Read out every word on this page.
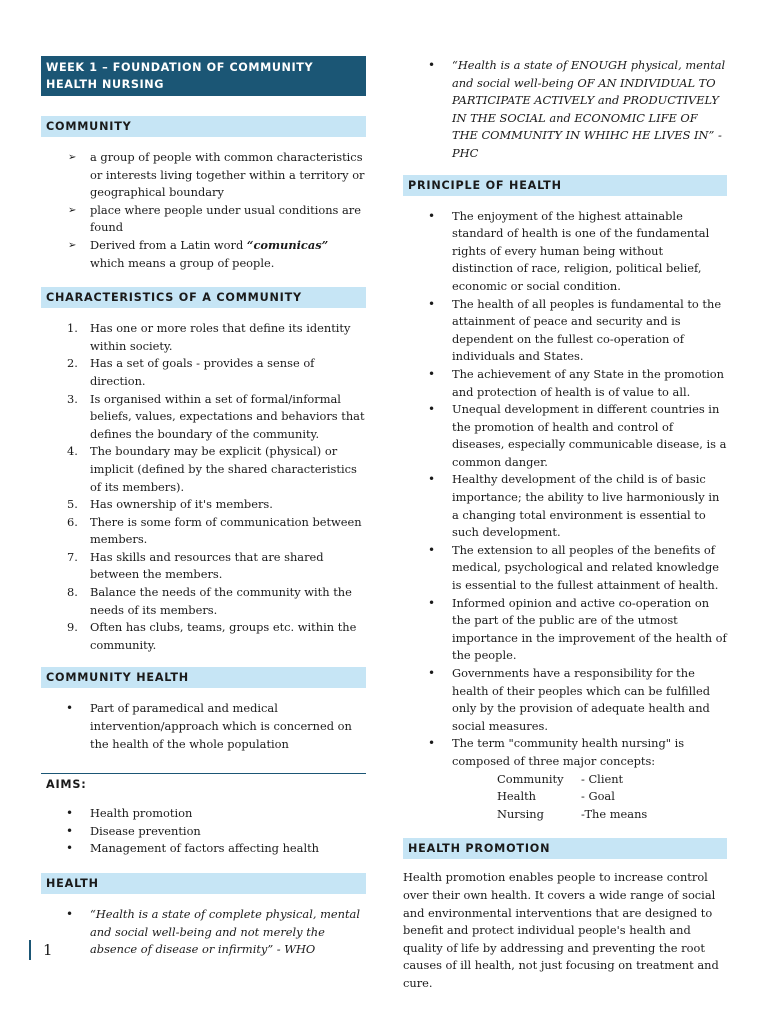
WEEK 1 – FOUNDATION OF COMMUNITY HEALTH NURSING
COMMUNITY
➢ a group of people with common characteristics or interests living together within a territory or geographical boundary
➢ place where people under usual conditions are found
➢ Derived from a Latin word “comunicas” which means a group of people.
CHARACTERISTICS OF A COMMUNITY
1. Has one or more roles that define its identity within society.
2. Has a set of goals - provides a sense of direction.
3. Is organised within a set of formal/informal beliefs, values, expectations and behaviors that defines the boundary of the community.
4. The boundary may be explicit (physical) or implicit (defined by the shared characteristics of its members).
5. Has ownership of it's members.
6. There is some form of communication between members.
7. Has skills and resources that are shared between the members.
8. Balance the needs of the community with the needs of its members.
9. Often has clubs, teams, groups etc. within the community.
COMMUNITY HEALTH
• Part of paramedical and medical intervention/approach which is concerned on the health of the whole population
AIMS:
• Health promotion
• Disease prevention
• Management of factors affecting health
HEALTH
• “Health is a state of complete physical, mental and social well-being and not merely the absence of disease or infirmity” - WHO
• “Health is a state of ENOUGH physical, mental and social well-being OF AN INDIVIDUAL TO PARTICIPATE ACTIVELY and PRODUCTIVELY IN THE SOCIAL and ECONOMIC LIFE OF THE COMMUNITY IN WHIHC HE LIVES IN” - PHC
PRINCIPLE OF HEALTH
• The enjoyment of the highest attainable standard of health is one of the fundamental rights of every human being without distinction of race, religion, political belief, economic or social condition.
• The health of all peoples is fundamental to the attainment of peace and security and is dependent on the fullest co-operation of individuals and States.
• The achievement of any State in the promotion and protection of health is of value to all.
• Unequal development in different countries in the promotion of health and control of diseases, especially communicable disease, is a common danger.
• Healthy development of the child is of basic importance; the ability to live harmoniously in a changing total environment is essential to such development.
• The extension to all peoples of the benefits of medical, psychological and related knowledge is essential to the fullest attainment of health.
• Informed opinion and active co-operation on the part of the public are of the utmost importance in the improvement of the health of the people.
• Governments have a responsibility for the health of their peoples which can be fulfilled only by the provision of adequate health and social measures.
• The term "community health nursing" is composed of three major concepts:
Community	- Client
Health	- Goal
Nursing	-The means
HEALTH PROMOTION

Health promotion enables people to increase control over their own health. It covers a wide range of social and environmental interventions that are designed to benefit and protect individual people's health and quality of life by addressing and preventing the root causes of ill health, not just focusing on treatment and cure.

1
